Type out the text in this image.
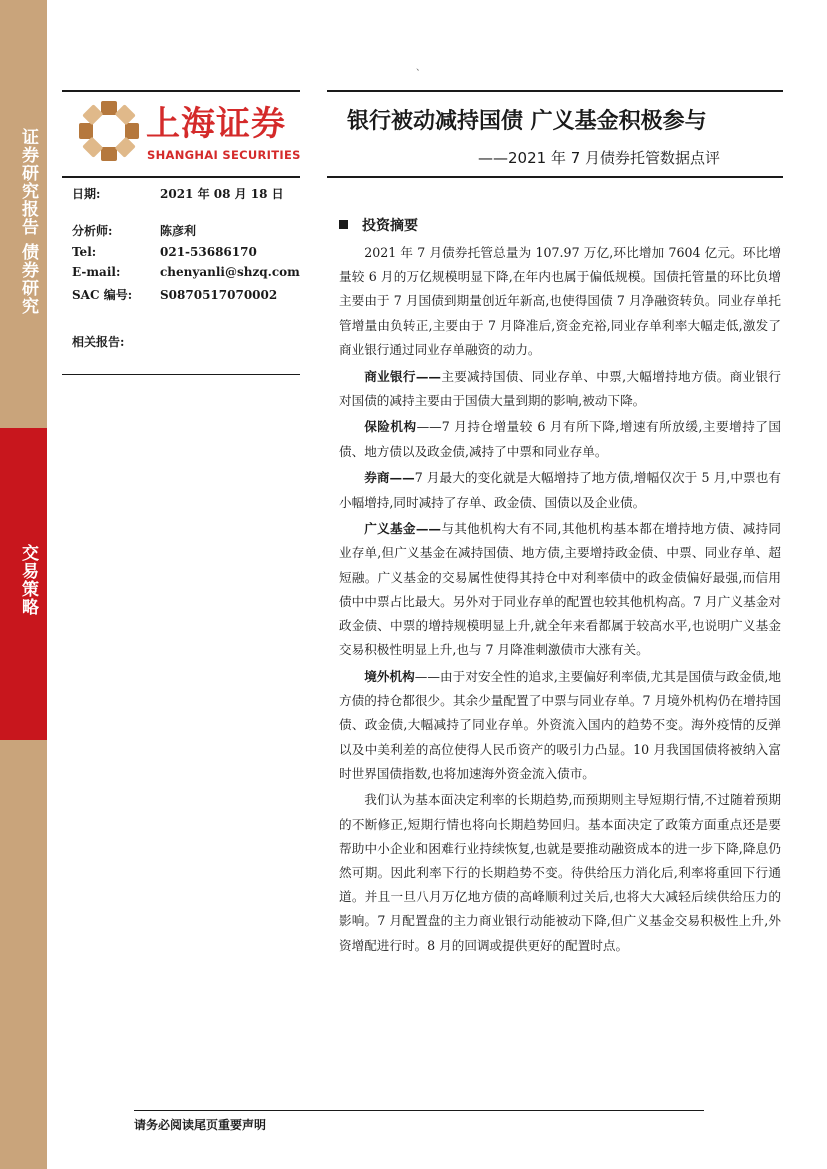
证券研究报告 债券研究
交易策略
、
上海证券
SHANGHAI SECURITIES
银行被动减持国债 广义基金积极参与
——2021 年 7 月债券托管数据点评
日期:	2021 年 08 月 18 日
分析师:	陈彦利
Tel:	021-53686170
E-mail:	chenyanli@shzq.com
SAC 编号: S0870517070002
相关报告:
投资摘要

2021 年 7 月债券托管总量为 107.97 万亿,环比增加 7604 亿元。环比增量较 6 月的万亿规模明显下降,在年内也属于偏低规模。国债托管量的环比负增主要由于 7 月国债到期量创近年新高,也使得国债 7 月净融资转负。同业存单托管增量由负转正,主要由于 7 月降准后,资金充裕,同业存单利率大幅走低,激发了商业银行通过同业存单融资的动力。

商业银行——主要减持国债、同业存单、中票,大幅增持地方债。商业银行对国债的减持主要由于国债大量到期的影响,被动下降。

保险机构——7 月持仓增量较 6 月有所下降,增速有所放缓,主要增持了国债、地方债以及政金债,减持了中票和同业存单。

券商——7 月最大的变化就是大幅增持了地方债,增幅仅次于 5 月,中票也有小幅增持,同时减持了存单、政金债、国债以及企业债。

广义基金——与其他机构大有不同,其他机构基本都在增持地方债、减持同业存单,但广义基金在减持国债、地方债,主要增持政金债、中票、同业存单、超短融。广义基金的交易属性使得其持仓中对利率债中的政金债偏好最强,而信用债中中票占比最大。另外对于同业存单的配置也较其他机构高。7 月广义基金对政金债、中票的增持规模明显上升,就全年来看都属于较高水平,也说明广义基金交易积极性明显上升,也与 7 月降准刺激债市大涨有关。

境外机构——由于对安全性的追求,主要偏好利率债,尤其是国债与政金债,地方债的持仓都很少。其余少量配置了中票与同业存单。7 月境外机构仍在增持国债、政金债,大幅减持了同业存单。外资流入国内的趋势不变。海外疫情的反弹以及中美利差的高位使得人民币资产的吸引力凸显。10 月我国国债将被纳入富时世界国债指数,也将加速海外资金流入债市。

我们认为基本面决定利率的长期趋势,而预期则主导短期行情,不过随着预期的不断修正,短期行情也将向长期趋势回归。基本面决定了政策方面重点还是要帮助中小企业和困难行业持续恢复,也就是要推动融资成本的进一步下降,降息仍然可期。因此利率下行的长期趋势不变。待供给压力消化后,利率将重回下行通道。并且一旦八月万亿地方债的高峰顺利过关后,也将大大减轻后续供给压力的影响。7 月配置盘的主力商业银行动能被动下降,但广义基金交易积极性上升,外资增配进行时。8 月的回调或提供更好的配置时点。

请务必阅读尾页重要声明
